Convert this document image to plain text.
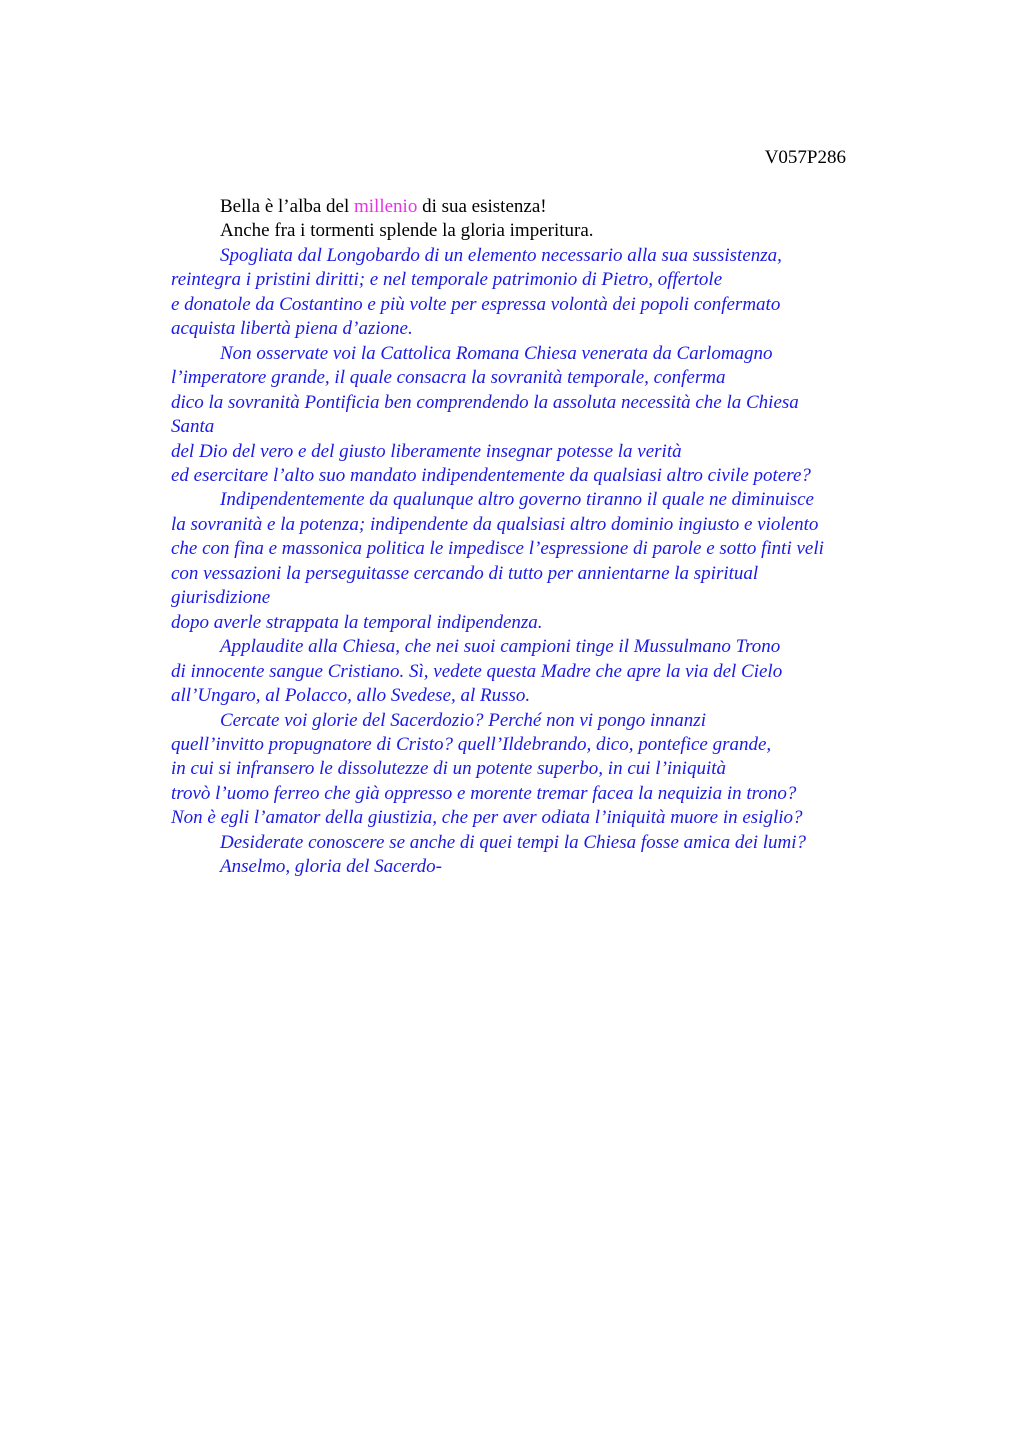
V057P286

Bella è l’alba del millenio di sua esistenza!
Anche fra i tormenti splende la gloria imperitura.
Spogliata dal Longobardo di un elemento necessario alla sua sussistenza,
reintegra i pristini diritti; e nel temporale patrimonio di Pietro, offertole
e donatole da Costantino e più volte per espressa volontà dei popoli confermato
acquista libertà piena d’azione.
Non osservate voi la Cattolica Romana Chiesa venerata da Carlomagno
l’imperatore grande, il quale consacra la sovranità temporale, conferma
dico la sovranità Pontificia ben comprendendo la assoluta necessità che la Chiesa
Santa
del Dio del vero e del giusto liberamente insegnar potesse la verità
ed esercitare l’alto suo mandato indipendentemente da qualsiasi altro civile potere?
Indipendentemente da qualunque altro governo tiranno il quale ne diminuisce
la sovranità e la potenza; indipendente da qualsiasi altro dominio ingiusto e violento
che con fina e massonica politica le impedisce l’espressione di parole e sotto finti veli
con vessazioni la perseguitasse cercando di tutto per annientarne la spiritual
giurisdizione
dopo averle strappata la temporal indipendenza.
Applaudite alla Chiesa, che nei suoi campioni tinge il Mussulmano Trono
di innocente sangue Cristiano. Sì, vedete questa Madre che apre la via del Cielo
all’Ungaro, al Polacco, allo Svedese, al Russo.
Cercate voi glorie del Sacerdozio? Perché non vi pongo innanzi
quell’invitto propugnatore di Cristo? quell’Ildebrando, dico, pontefice grande,
in cui si infransero le dissolutezze di un potente superbo, in cui l’iniquità
trovò l’uomo ferreo che già oppresso e morente tremar facea la nequizia in trono?
Non è egli l’amator della giustizia, che per aver odiata l’iniquità muore in esiglio?
Desiderate conoscere se anche di quei tempi la Chiesa fosse amica dei lumi?
Anselmo, gloria del Sacerdo-
